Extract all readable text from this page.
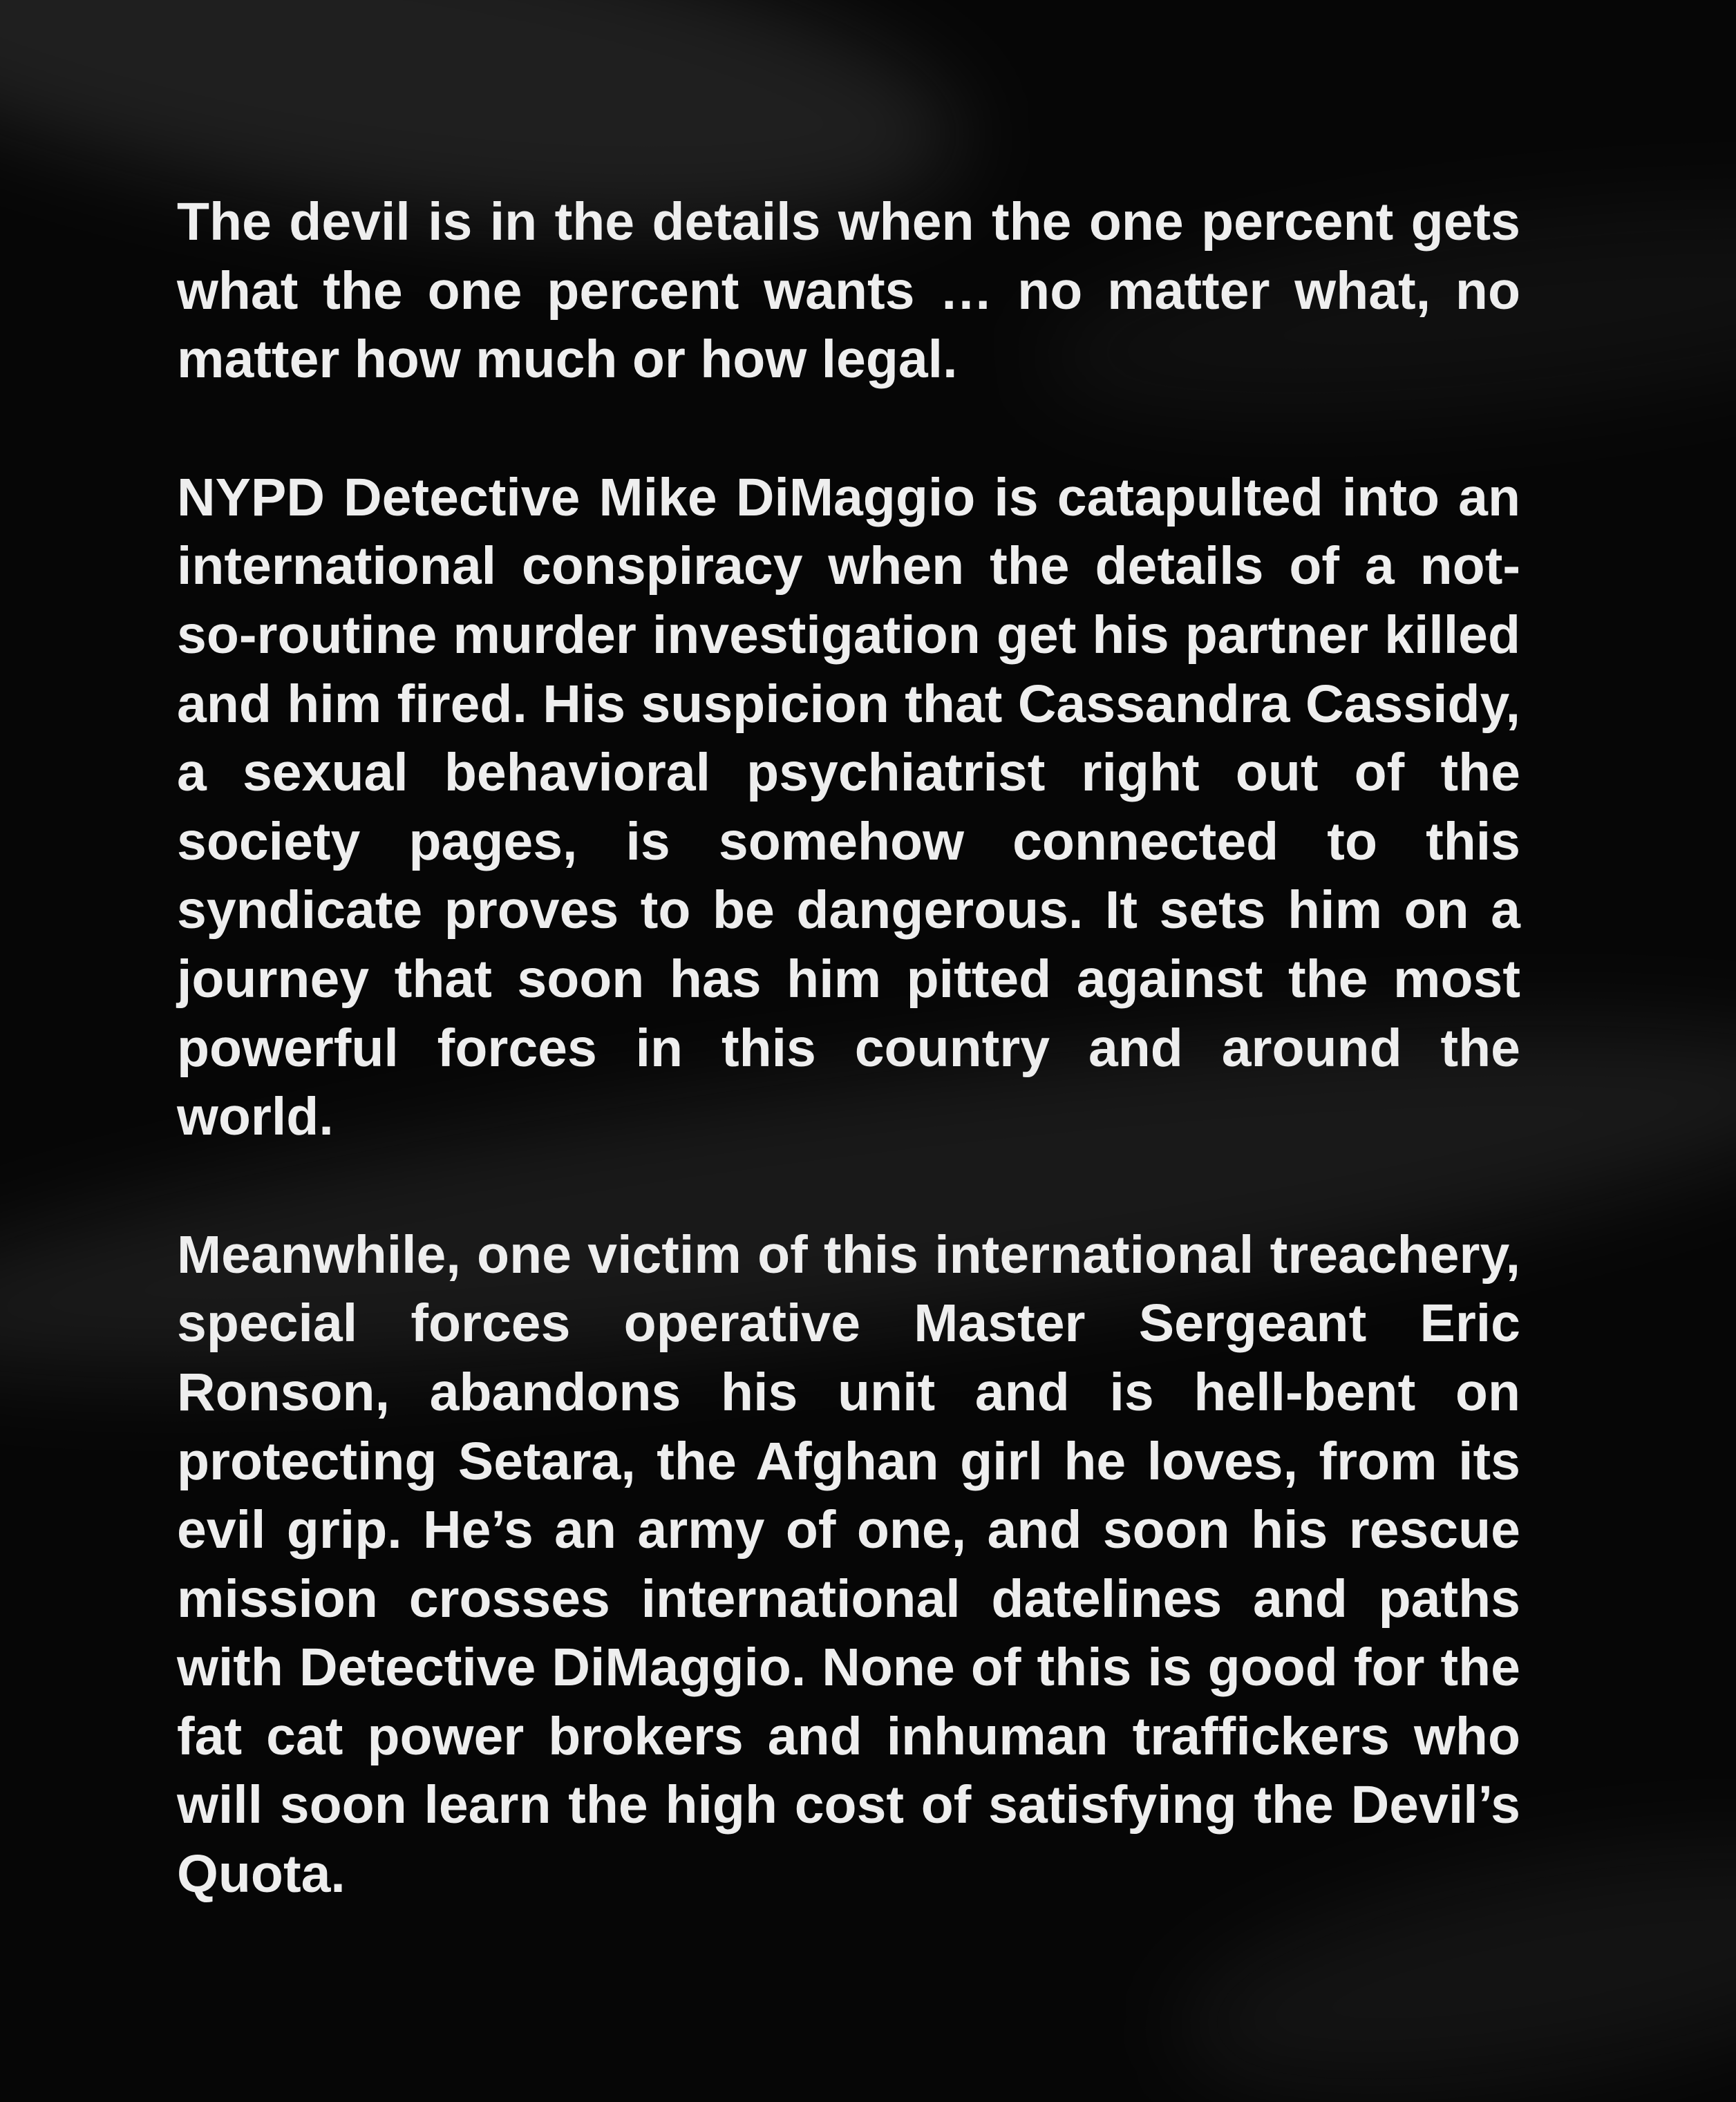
The devil is in the details when the one percent gets what the one percent wants … no matter what, no matter how much or how legal.

NYPD Detective Mike DiMaggio is catapulted into an international conspiracy when the details of a not-so-routine murder investigation get his partner killed and him fired. His suspicion that Cassandra Cassidy, a sexual behavioral psychiatrist right out of the society pages, is somehow connected to this syndicate proves to be dangerous. It sets him on a journey that soon has him pitted against the most powerful forces in this country and around the world.

Meanwhile, one victim of this international treachery, special forces operative Master Sergeant Eric Ronson, abandons his unit and is hell-bent on protecting Setara, the Afghan girl he loves, from its evil grip. He’s an army of one, and soon his rescue mission crosses international datelines and paths with Detective DiMaggio. None of this is good for the fat cat power brokers and inhuman traffickers who will soon learn the high cost of satisfying the Devil’s Quota.
